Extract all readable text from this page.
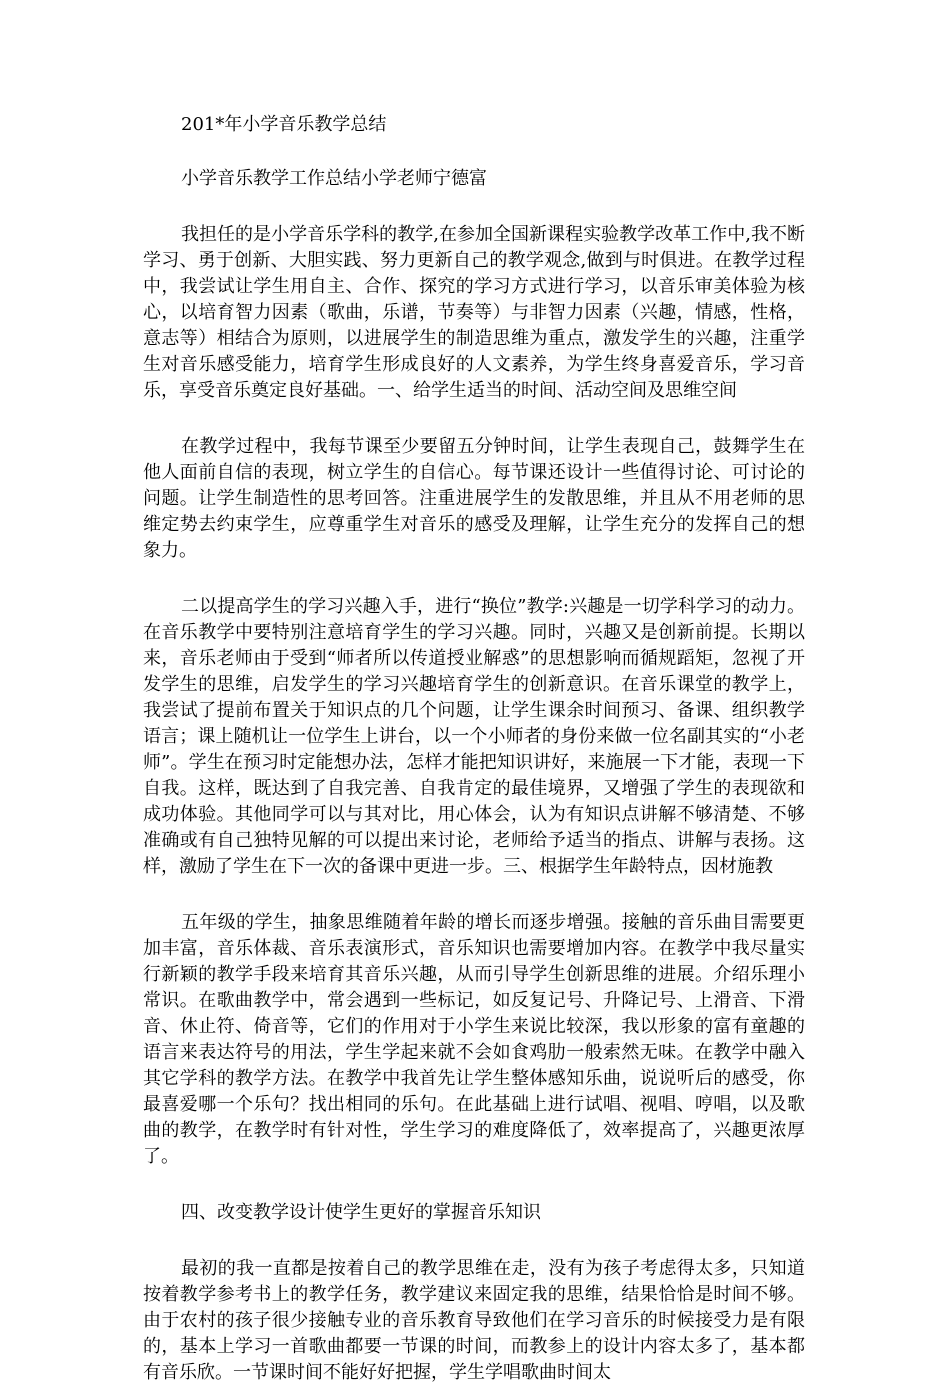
201*年小学音乐教学总结

小学音乐教学工作总结小学老师宁德富

我担任的是小学音乐学科的教学,在参加全国新课程实验教学改革工作中,我不断学习、勇于创新、大胆实践、努力更新自己的教学观念,做到与时俱进。在教学过程中，我尝试让学生用自主、合作、探究的学习方式进行学习，以音乐审美体验为核心，以培育智力因素（歌曲，乐谱，节奏等）与非智力因素（兴趣，情感，性格，意志等）相结合为原则，以进展学生的制造思维为重点，激发学生的兴趣，注重学生对音乐感受能力，培育学生形成良好的人文素养，为学生终身喜爱音乐，学习音乐，享受音乐奠定良好基础。一、给学生适当的时间、活动空间及思维空间

在教学过程中，我每节课至少要留五分钟时间，让学生表现自己，鼓舞学生在他人面前自信的表现，树立学生的自信心。每节课还设计一些值得讨论、可讨论的问题。让学生制造性的思考回答。注重进展学生的发散思维，并且从不用老师的思维定势去约束学生，应尊重学生对音乐的感受及理解，让学生充分的发挥自己的想象力。

二以提高学生的学习兴趣入手，进行“换位”教学:兴趣是一切学科学习的动力。在音乐教学中要特别注意培育学生的学习兴趣。同时，兴趣又是创新前提。长期以来，音乐老师由于受到“师者所以传道授业解惑”的思想影响而循规蹈矩，忽视了开发学生的思维，启发学生的学习兴趣培育学生的创新意识。在音乐课堂的教学上，我尝试了提前布置关于知识点的几个问题，让学生课余时间预习、备课、组织教学语言；课上随机让一位学生上讲台，以一个小师者的身份来做一位名副其实的“小老师”。学生在预习时定能想办法，怎样才能把知识讲好，来施展一下才能，表现一下自我。这样，既达到了自我完善、自我肯定的最佳境界，又增强了学生的表现欲和成功体验。其他同学可以与其对比，用心体会，认为有知识点讲解不够清楚、不够准确或有自己独特见解的可以提出来讨论，老师给予适当的指点、讲解与表扬。这样，激励了学生在下一次的备课中更进一步。三、根据学生年龄特点，因材施教

五年级的学生，抽象思维随着年龄的增长而逐步增强。接触的音乐曲目需要更加丰富，音乐体裁、音乐表演形式，音乐知识也需要增加内容。在教学中我尽量实行新颖的教学手段来培育其音乐兴趣，从而引导学生创新思维的进展。介绍乐理小常识。在歌曲教学中，常会遇到一些标记，如反复记号、升降记号、上滑音、下滑音、休止符、倚音等，它们的作用对于小学生来说比较深，我以形象的富有童趣的语言来表达符号的用法，学生学起来就不会如食鸡肋一般索然无味。在教学中融入其它学科的教学方法。在教学中我首先让学生整体感知乐曲，说说听后的感受，你最喜爱哪一个乐句？找出相同的乐句。在此基础上进行试唱、视唱、哼唱，以及歌曲的教学，在教学时有针对性，学生学习的难度降低了，效率提高了，兴趣更浓厚了。

四、改变教学设计使学生更好的掌握音乐知识

最初的我一直都是按着自己的教学思维在走，没有为孩子考虑得太多，只知道按着教学参考书上的教学任务，教学建议来固定我的思维，结果恰恰是时间不够。由于农村的孩子很少接触专业的音乐教育导致他们在学习音乐的时候接受力是有限的，基本上学习一首歌曲都要一节课的时间，而教参上的设计内容太多了，基本都有音乐欣。一节课时间不能好好把握，学生学唱歌曲时间太
